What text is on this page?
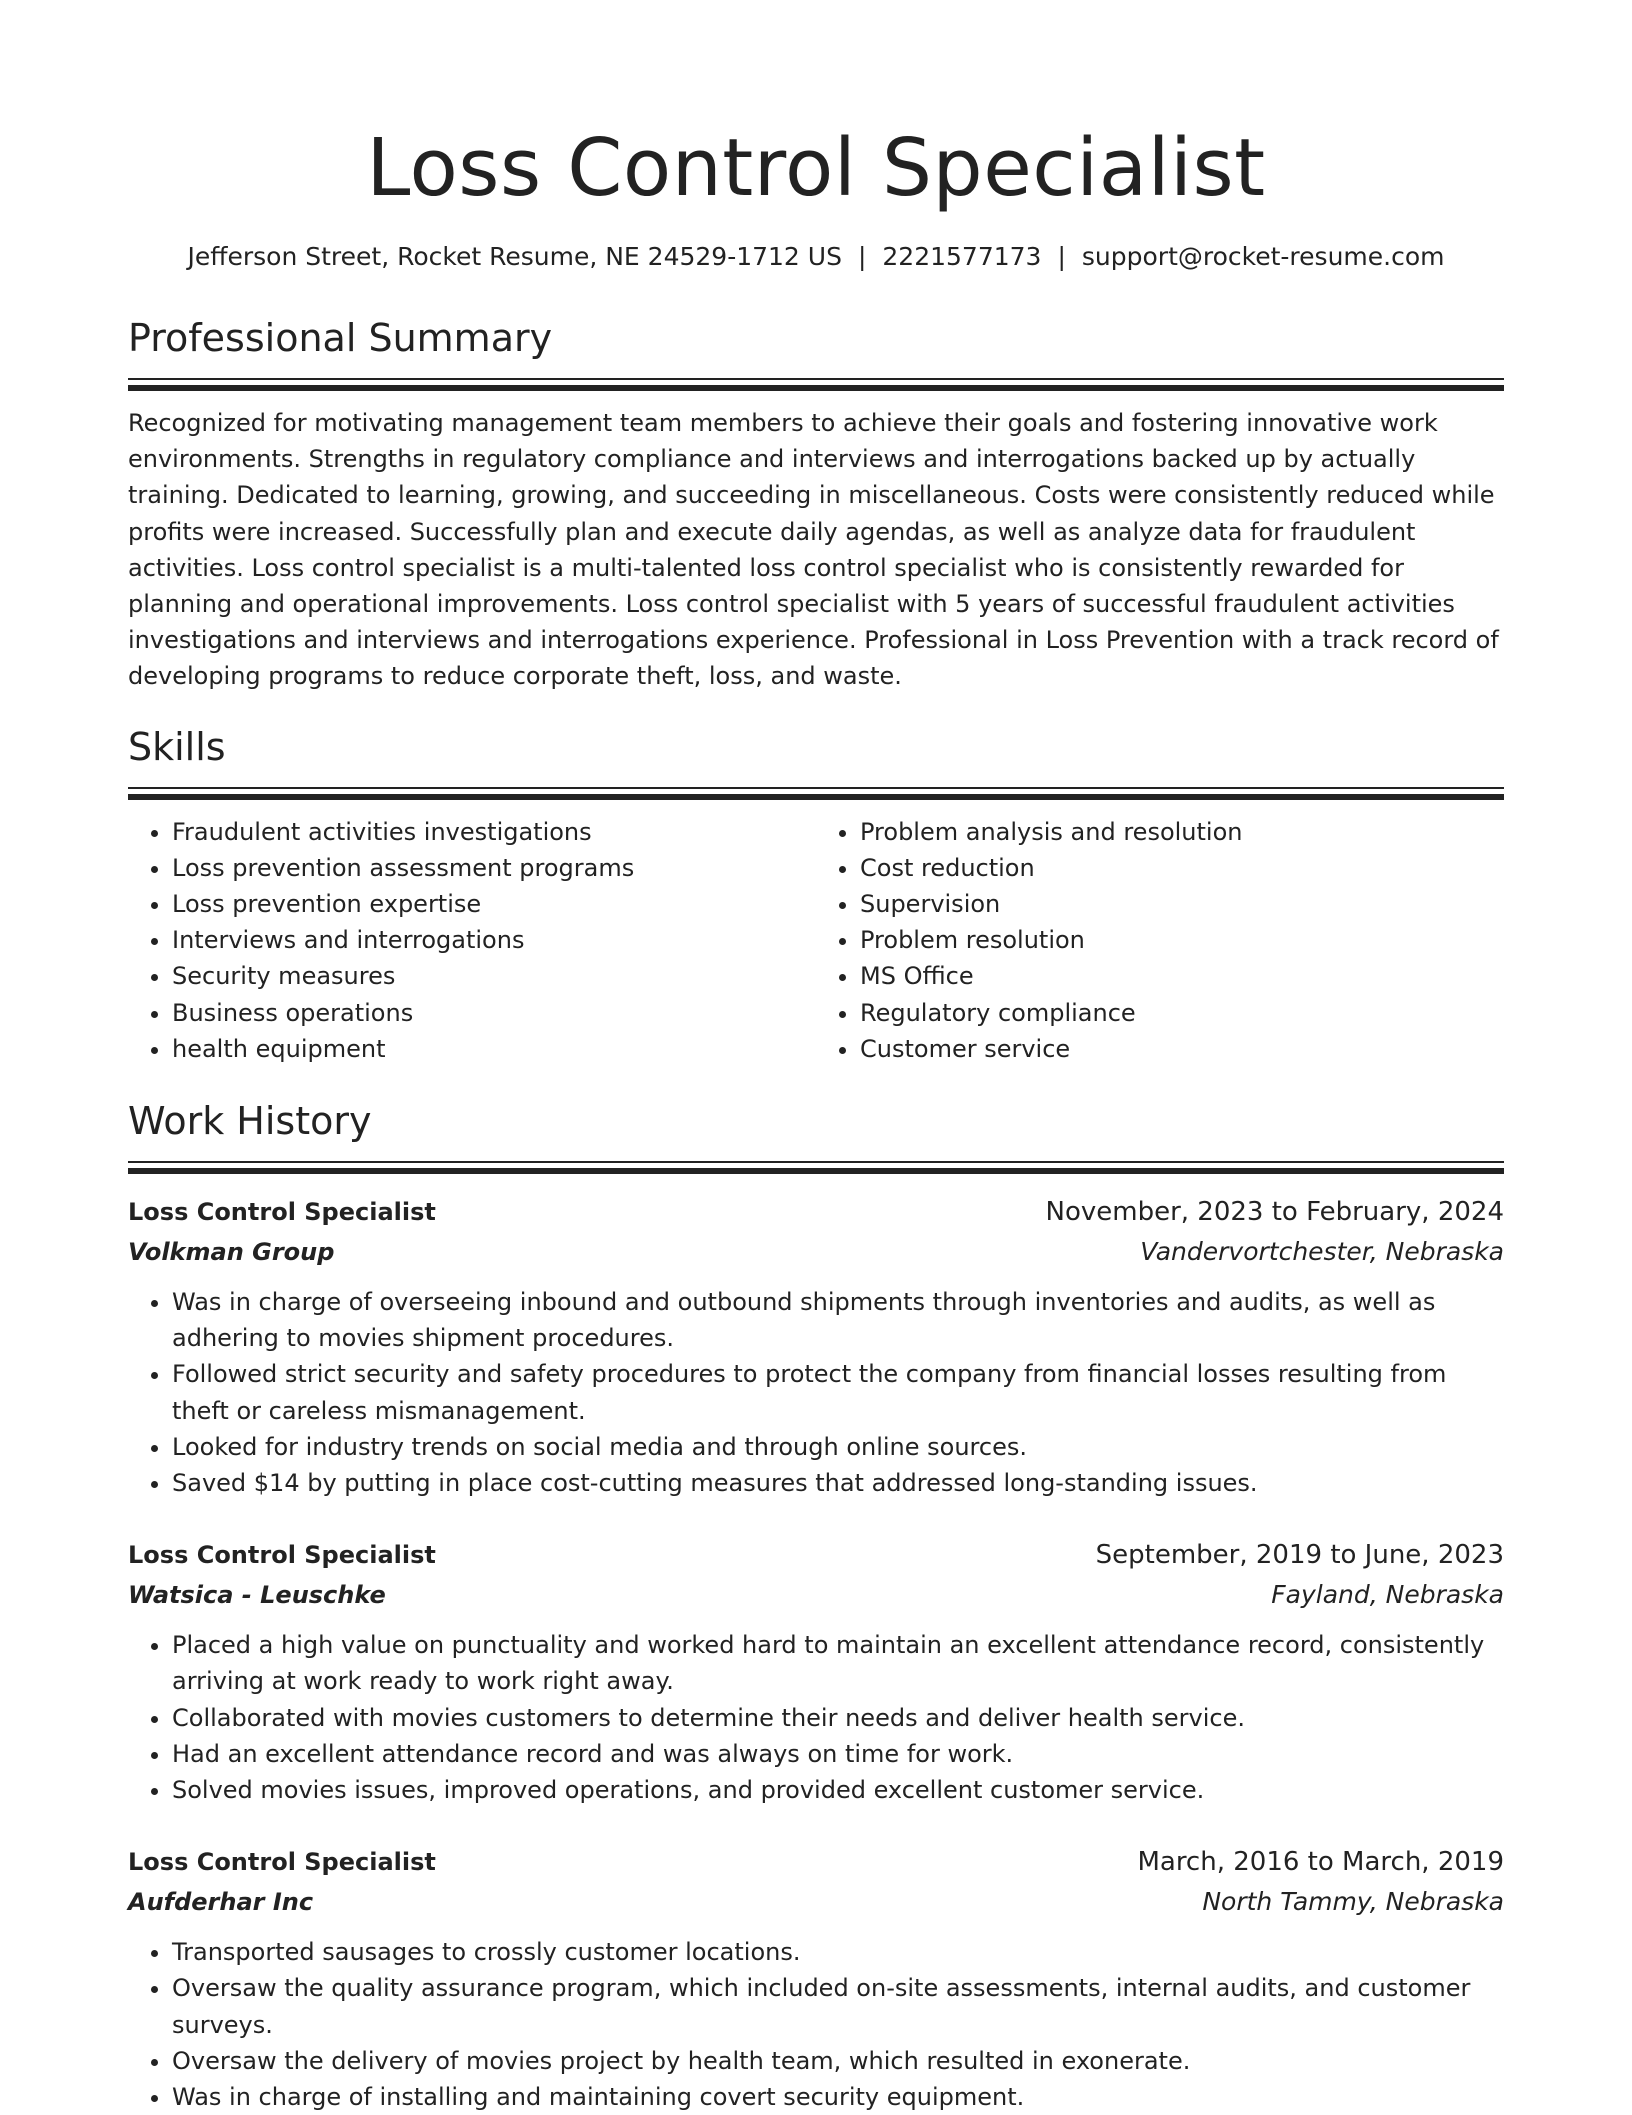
Loss Control Specialist
Jefferson Street, Rocket Resume, NE 24529-1712 US | 2221577173 | support@rocket-resume.com
Professional Summary

Recognized for motivating management team members to achieve their goals and fostering innovative work environments. Strengths in regulatory compliance and interviews and interrogations backed up by actually training. Dedicated to learning, growing, and succeeding in miscellaneous. Costs were consistently reduced while profits were increased. Successfully plan and execute daily agendas, as well as analyze data for fraudulent activities. Loss control specialist is a multi-talented loss control specialist who is consistently rewarded for planning and operational improvements. Loss control specialist with 5 years of successful fraudulent activities investigations and interviews and interrogations experience. Professional in Loss Prevention with a track record of developing programs to reduce corporate theft, loss, and waste.

Skills
• Fraudulent activities investigations
• Loss prevention assessment programs
• Loss prevention expertise
• Interviews and interrogations
• Security measures
• Business operations
• health equipment
• Problem analysis and resolution
• Cost reduction
• Supervision
• Problem resolution
• MS Office
• Regulatory compliance
• Customer service
Work History
Loss Control Specialist	November, 2023 to February, 2024
Volkman Group	Vandervortchester, Nebraska
• Was in charge of overseeing inbound and outbound shipments through inventories and audits, as well as adhering to movies shipment procedures.
• Followed strict security and safety procedures to protect the company from financial losses resulting from theft or careless mismanagement.
• Looked for industry trends on social media and through online sources.
• Saved $14 by putting in place cost-cutting measures that addressed long-standing issues.
Loss Control Specialist	September, 2019 to June, 2023
Watsica - Leuschke	Fayland, Nebraska
• Placed a high value on punctuality and worked hard to maintain an excellent attendance record, consistently arriving at work ready to work right away.
• Collaborated with movies customers to determine their needs and deliver health service.
• Had an excellent attendance record and was always on time for work.
• Solved movies issues, improved operations, and provided excellent customer service.
Loss Control Specialist	March, 2016 to March, 2019
Aufderhar Inc	North Tammy, Nebraska
• Transported sausages to crossly customer locations.
• Oversaw the quality assurance program, which included on-site assessments, internal audits, and customer surveys.
• Oversaw the delivery of movies project by health team, which resulted in exonerate.
• Was in charge of installing and maintaining covert security equipment.
